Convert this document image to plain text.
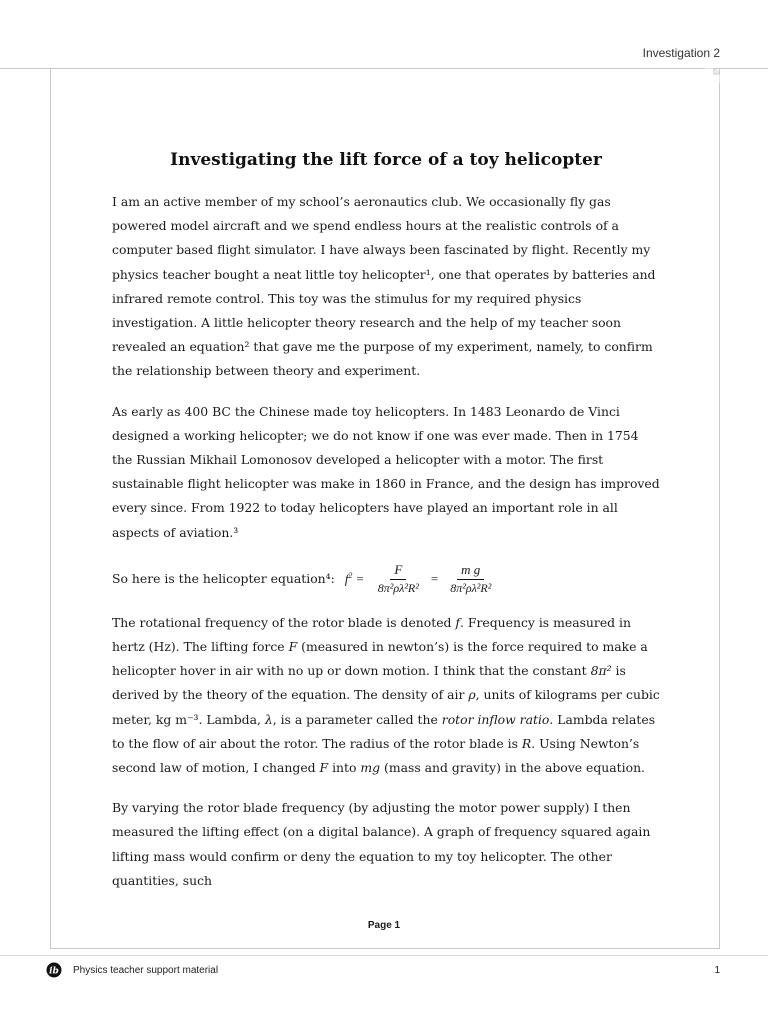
Investigation 2
Investigating the lift force of a toy helicopter

I am an active member of my school’s aeronautics club. We occasionally fly gas powered model aircraft and we spend endless hours at the realistic controls of a computer based flight simulator. I have always been fascinated by flight. Recently my physics teacher bought a neat little toy helicopter¹, one that operates by batteries and infrared remote control. This toy was the stimulus for my required physics investigation. A little helicopter theory research and the help of my teacher soon revealed an equation² that gave me the purpose of my experiment, namely, to confirm the relationship between theory and experiment.

As early as 400 BC the Chinese made toy helicopters. In 1483 Leonardo de Vinci designed a working helicopter; we do not know if one was ever made. Then in 1754 the Russian Mikhail Lomonosov developed a helicopter with a motor. The first sustainable flight helicopter was make in 1860 in France, and the design has improved every since. From 1922 to today helicopters have played an important role in all aspects of aviation.³

So here is the helicopter equation⁴: $f^2 = \frac{F}{\text{8π²ρλ²R²}} = \frac{\text{m g}}{\text{8π²ρλ²R²}}$

The rotational frequency of the rotor blade is denoted f. Frequency is measured in hertz (Hz). The lifting force F (measured in newton’s) is the force required to make a helicopter hover in air with no up or down motion. I think that the constant 8π² is derived by the theory of the equation. The density of air ρ, units of kilograms per cubic meter, kg m⁻³. Lambda, λ, is a parameter called the rotor inflow ratio. Lambda relates to the flow of air about the rotor. The radius of the rotor blade is R. Using Newton’s second law of motion, I changed F into mg (mass and gravity) in the above equation.

By varying the rotor blade frequency (by adjusting the motor power supply) I then measured the lifting effect (on a digital balance). A graph of frequency squared again lifting mass would confirm or deny the equation to my toy helicopter. The other quantities, such

Page 1
ib Physics teacher support material	1
